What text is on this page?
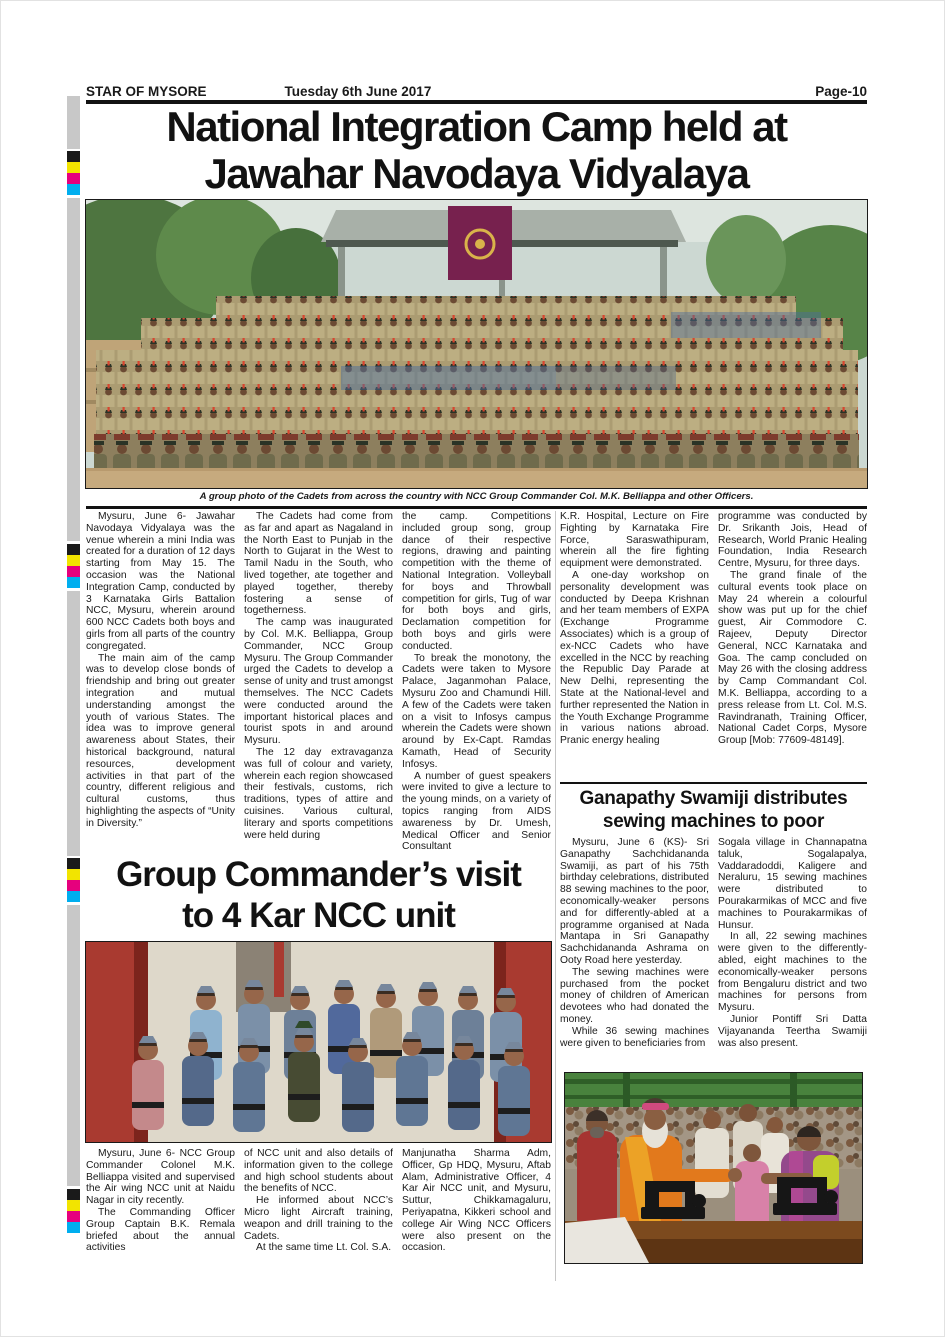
STAR OF MYSORE	Tuesday 6th June 2017	Page-10
National Integration Camp held at
Jawahar Navodaya Vidyalaya
A group photo of the Cadets from across the country with NCC Group Commander Col. M.K. Belliappa and other Officers.

Mysuru, June 6- Jawahar Navodaya Vidyalaya was the venue wherein a mini India was created for a duration of 12 days starting from May 15. The occasion was the National Integration Camp, conducted by 3 Karnataka Girls Battalion NCC, Mysuru, wherein around 600 NCC Cadets both boys and girls from all parts of the country congregated.

The main aim of the camp was to develop close bonds of friendship and bring out greater integration and mutual understanding amongst the youth of various States. The idea was to improve general awareness about States, their historical background, natural resources, development activities in that part of the country, different religious and cultural customs, thus highlighting the aspects of “Unity in Diversity.”

The Cadets had come from as far and apart as Nagaland in the North East to Punjab in the North to Gujarat in the West to Tamil Nadu in the South, who lived together, ate together and played together, thereby fostering a sense of togetherness.

The camp was inaugurated by Col. M.K. Belliappa, Group Commander, NCC Group Mysuru. The Group Commander urged the Cadets to develop a sense of unity and trust amongst themselves. The NCC Cadets were conducted around the important historical places and tourist spots in and around Mysuru.

The 12 day extravaganza was full of colour and variety, wherein each region showcased their festivals, customs, rich traditions, types of attire and cuisines. Various cultural, literary and sports competitions were held during

the camp. Competitions included group song, group dance of their respective regions, drawing and painting competition with the theme of National Integration. Volleyball for boys and Throwball competition for girls, Tug of war for both boys and girls, Declamation competition for both boys and girls were conducted.

To break the monotony, the Cadets were taken to Mysore Palace, Jaganmohan Palace, Mysuru Zoo and Chamundi Hill. A few of the Cadets were taken on a visit to Infosys campus wherein the Cadets were shown around by Ex-Capt. Ramdas Kamath, Head of Security Infosys.

A number of guest speakers were invited to give a lecture to the young minds, on a variety of topics ranging from AIDS awareness by Dr. Umesh, Medical Officer and Senior Consultant

K.R. Hospital, Lecture on Fire Fighting by Karnataka Fire Force, Saraswathipuram, wherein all the fire fighting equipment were demonstrated.

A one-day workshop on personality development was conducted by Deepa Krishnan and her team members of EXPA (Exchange Programme Associates) which is a group of ex-NCC Cadets who have excelled in the NCC by reaching the Republic Day Parade at New Delhi, representing the State at the National-level and further represented the Nation in the Youth Exchange Programme in various nations abroad. Pranic energy healing

programme was conducted by Dr. Srikanth Jois, Head of Research, World Pranic Healing Foundation, India Research Centre, Mysuru, for three days.

The grand finale of the cultural events took place on May 24 wherein a colourful show was put up for the chief guest, Air Commodore C. Rajeev, Deputy Director General, NCC Karnataka and Goa. The camp concluded on May 26 with the closing address by Camp Commandant Col. M.K. Belliappa, according to a press release from Lt. Col. M.S. Ravindranath, Training Officer, National Cadet Corps, Mysore Group [Mob: 77609-48149].

Ganapathy Swamiji distributes
sewing machines to poor

Mysuru, June 6 (KS)- Sri Ganapathy Sachchidananda Swamiji, as part of his 75th birthday celebrations, distributed 88 sewing machines to the poor, economically-weaker persons and for differently-abled at a programme organised at Nada Mantapa in Sri Ganapathy Sachchidananda Ashrama on Ooty Road here yesterday.

The sewing machines were purchased from the pocket money of children of American devotees who had donated the money.

While 36 sewing machines were given to beneficiaries from

Sogala village in Channapatna taluk, Sogalapalya, Vaddaradoddi, Kaligere and Neraluru, 15 sewing machines were distributed to Pourakarmikas of MCC and five machines to Pourakarmikas of Hunsur.

In all, 22 sewing machines were given to the differently-abled, eight machines to the economically-weaker persons from Bengaluru district and two machines for persons from Mysuru.

Junior Pontiff Sri Datta Vijayananda Teertha Swamiji was also present.

Group Commander’s visit
to 4 Kar NCC unit

Mysuru, June 6- NCC Group Commander Colonel M.K. Belliappa visited and supervised the Air wing NCC unit at Naidu Nagar in city recently.

The Commanding Officer Group Captain B.K. Remala briefed about the annual activities

of NCC unit and also details of information given to the college and high school students about the benefits of NCC.

He informed about NCC’s Micro light Aircraft training, weapon and drill training to the Cadets.

At the same time Lt. Col. S.A.

Manjunatha Sharma Adm, Officer, Gp HDQ, Mysuru, Aftab Alam, Administrative Officer, 4 Kar Air NCC unit, and Mysuru, Suttur, Chikkamagaluru, Periyapatna, Kikkeri school and college Air Wing NCC Officers were also present on the occasion.
